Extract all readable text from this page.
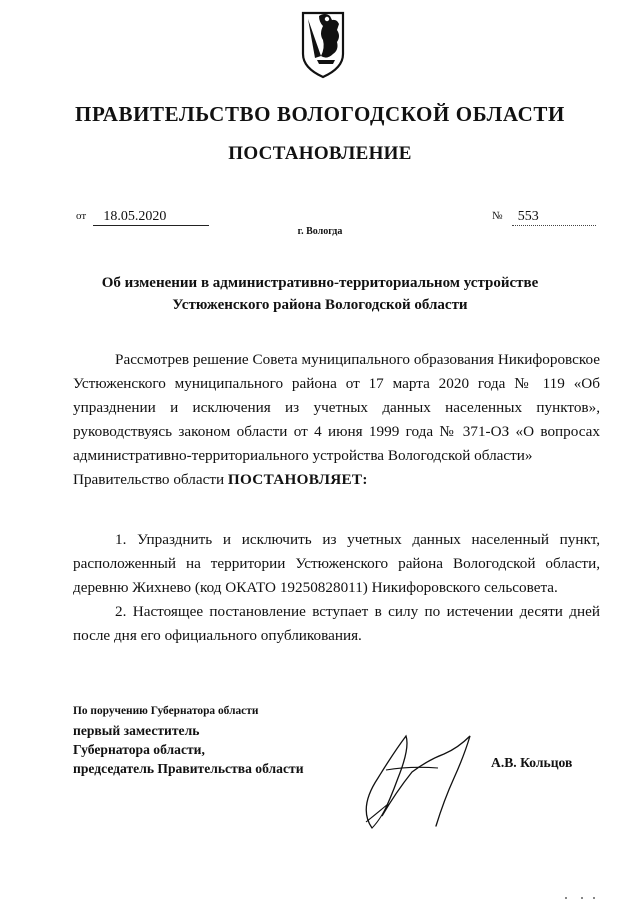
ПРАВИТЕЛЬСТВО ВОЛОГОДСКОЙ ОБЛАСТИ
ПОСТАНОВЛЕНИЕ
от 18.05.2020	№ 553
г. Вологда
Об изменении в административно-территориальном устройстве
Устюженского района Вологодской области

Рассмотрев решение Совета муниципального образования Никифоровское Устюженского муниципального района от 17 марта 2020 года № 119 «Об упразднении и исключения из учетных данных населенных пунктов», руководствуясь законом области от 4 июня 1999 года № 371-ОЗ «О вопросах административно-территориального устройства Вологодской области»

Правительство области ПОСТАНОВЛЯЕТ:

1. Упразднить и исключить из учетных данных населенный пункт, расположенный на территории Устюженского района Вологодской области, деревню Жихнево (код ОКАТО 19250828011) Никифоровского сельсовета.

2. Настоящее постановление вступает в силу по истечении десяти дней после дня его официального опубликования.

По поручению Губернатора области
первый заместитель
Губернатора области,
председатель Правительства области	А.В. Кольцов
